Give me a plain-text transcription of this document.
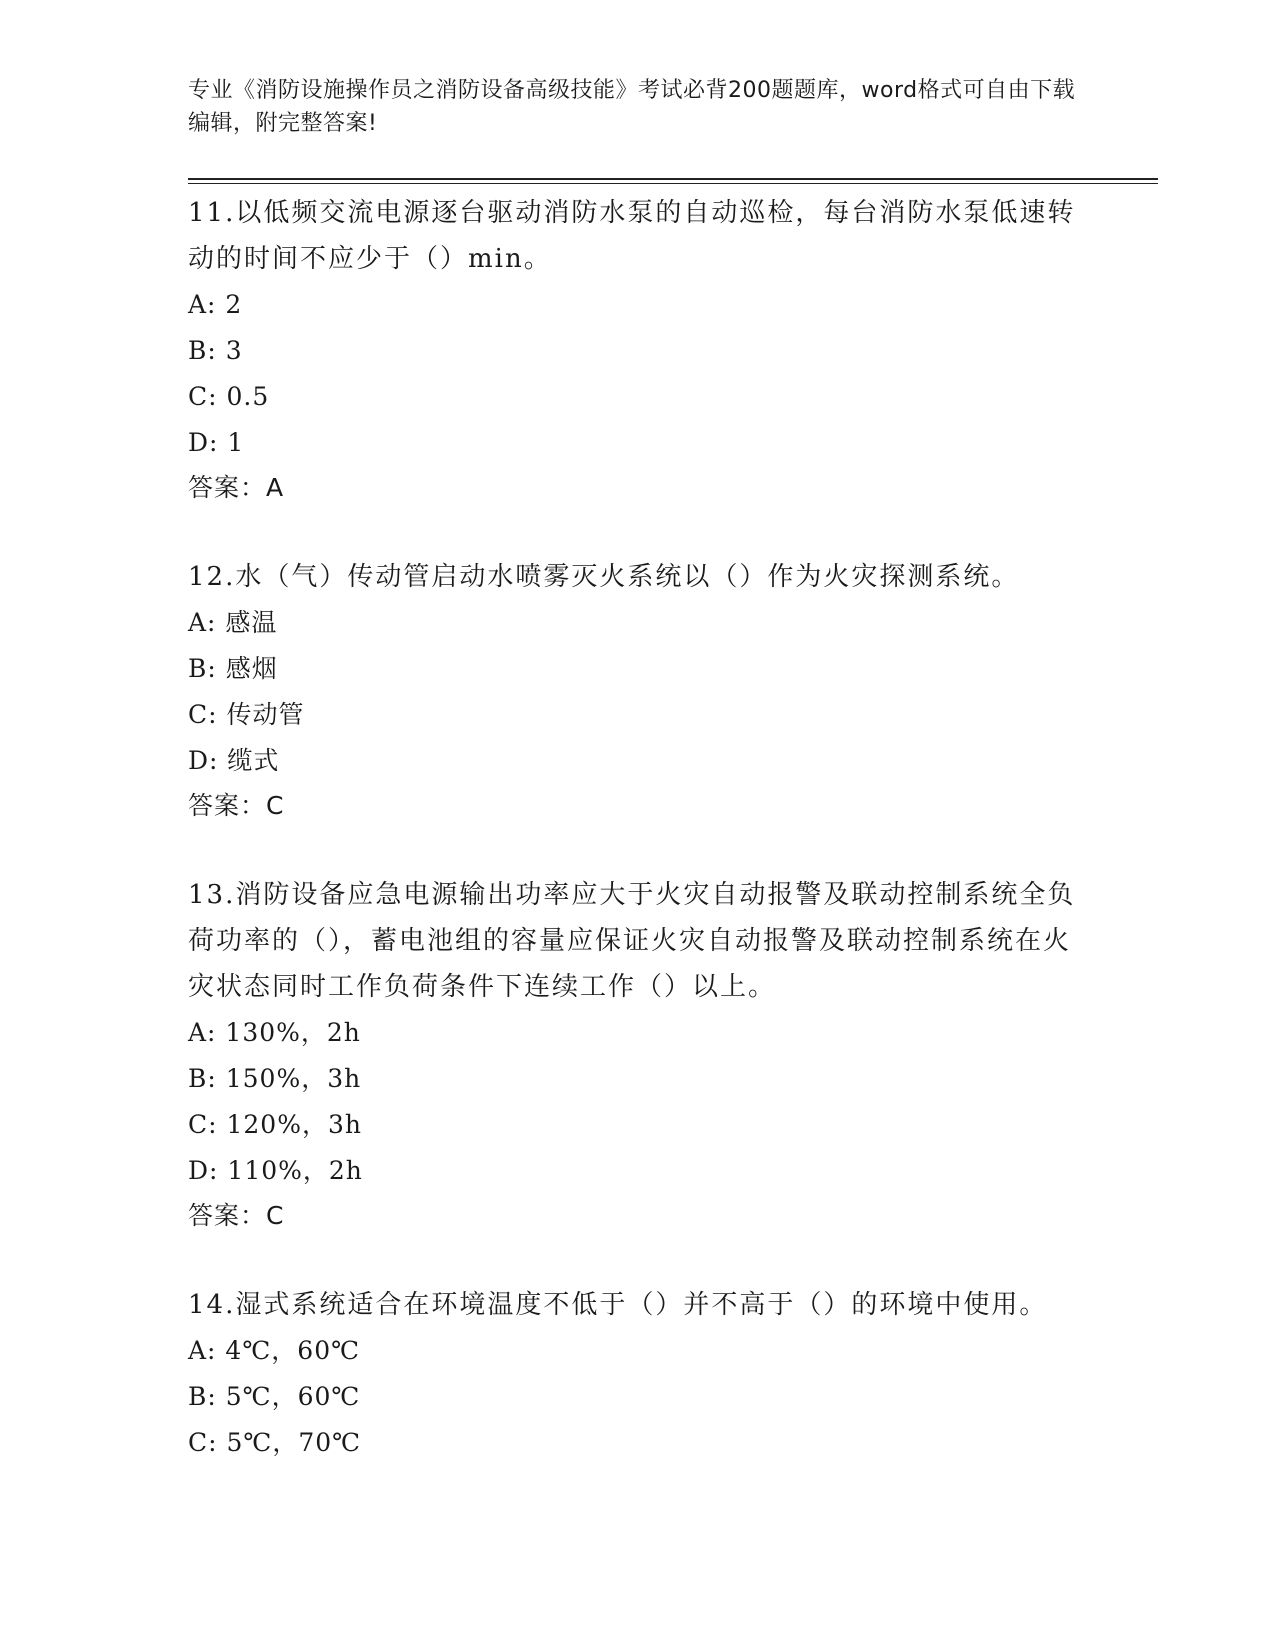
专业《消防设施操作员之消防设备高级技能》考试必背200题题库，word格式可自由下载编辑，附完整答案!

11.以低频交流电源逐台驱动消防水泵的自动巡检，每台消防水泵低速转动的时间不应少于（）min。

A: 2

B: 3

C: 0.5

D: 1

答案：A

12.水（气）传动管启动水喷雾灭火系统以（）作为火灾探测系统。

A: 感温

B: 感烟

C: 传动管

D: 缆式

答案：C

13.消防设备应急电源输出功率应大于火灾自动报警及联动控制系统全负荷功率的（），蓄电池组的容量应保证火灾自动报警及联动控制系统在火灾状态同时工作负荷条件下连续工作（）以上。

A: 130%，2h

B: 150%，3h

C: 120%，3h

D: 110%，2h

答案：C

14.湿式系统适合在环境温度不低于（）并不高于（）的环境中使用。

A: 4℃，60℃

B: 5℃，60℃

C: 5℃，70℃
